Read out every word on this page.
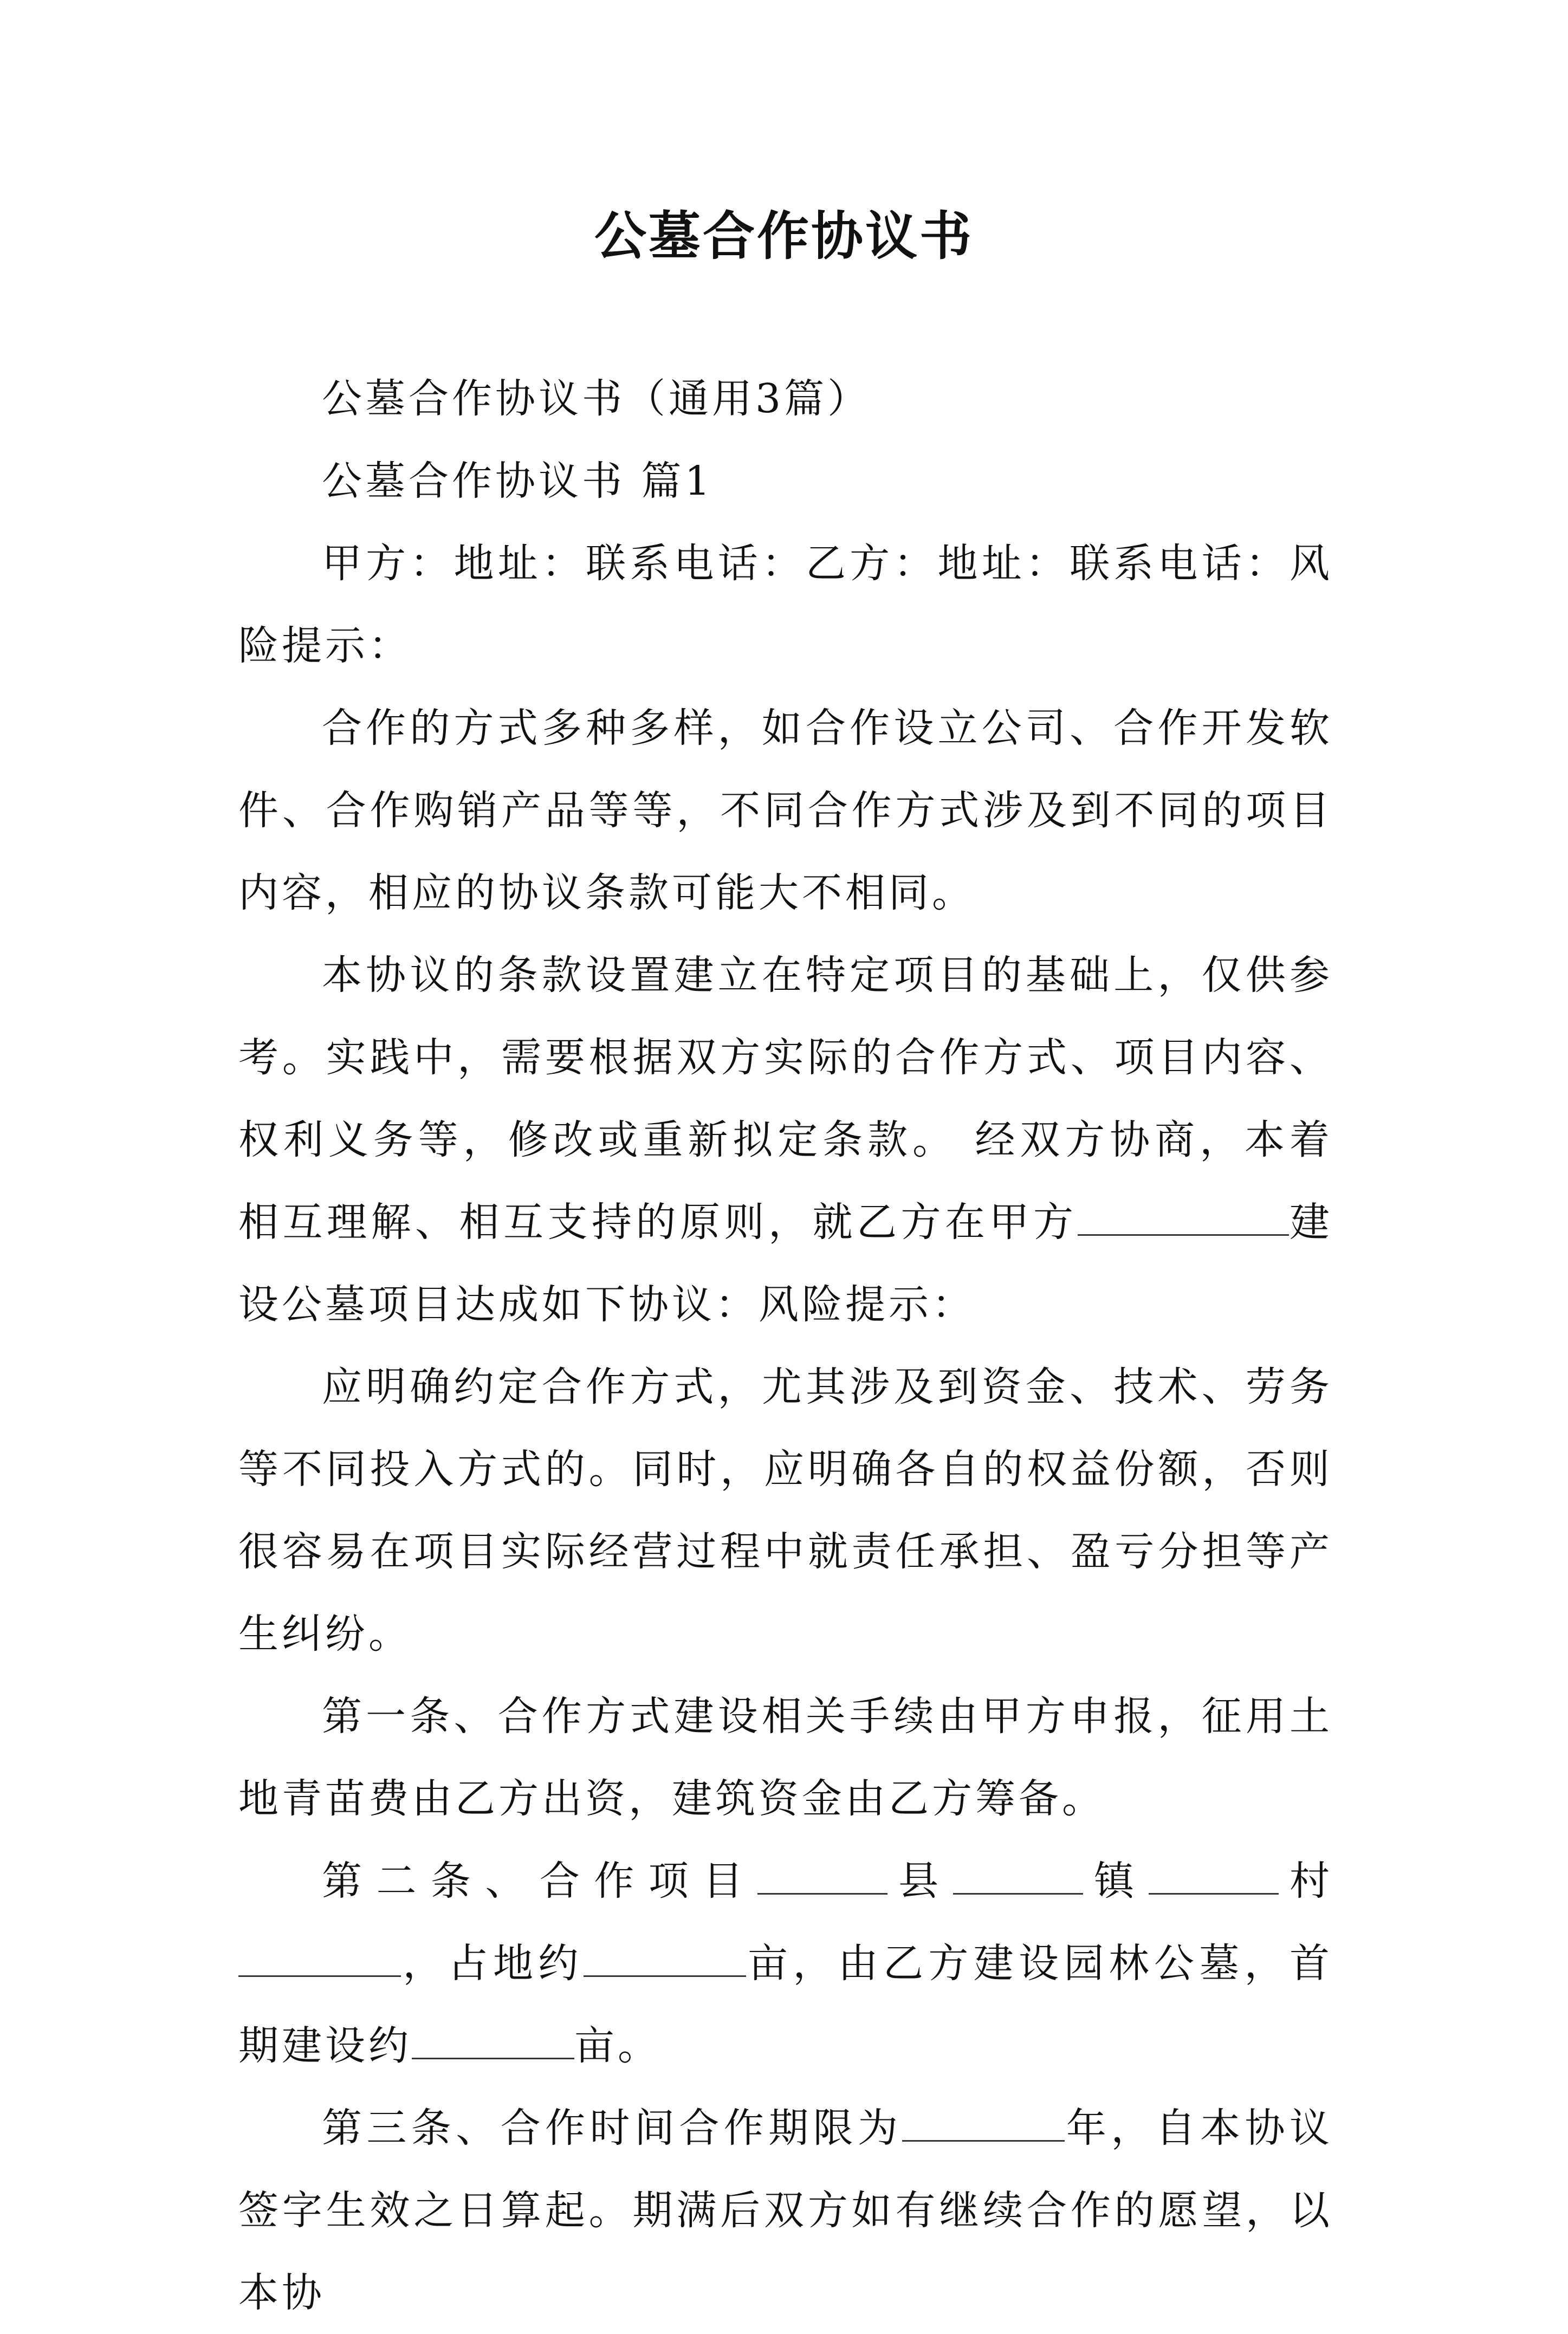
公墓合作协议书

公墓合作协议书（通用3篇）

公墓合作协议书 篇1

甲方：地址：联系电话：乙方：地址：联系电话：风险提示：

合作的方式多种多样，如合作设立公司、合作开发软件、合作购销产品等等，不同合作方式涉及到不同的项目内容，相应的协议条款可能大不相同。

本协议的条款设置建立在特定项目的基础上，仅供参考。实践中，需要根据双方实际的合作方式、项目内容、权利义务等，修改或重新拟定条款。 经双方协商，本着相互理解、相互支持的原则，就乙方在甲方	建设公墓项目达成如下协议：风险提示：

应明确约定合作方式，尤其涉及到资金、技术、劳务等不同投入方式的。同时，应明确各自的权益份额，否则很容易在项目实际经营过程中就责任承担、盈亏分担等产生纠纷。

第一条、合作方式建设相关手续由甲方申报，征用土地青苗费由乙方出资，建筑资金由乙方筹备。

第二条、合作项目	县	镇	村，占地约	亩，由乙方建设园林公墓，首期建设约	亩。

第三条、合作时间合作期限为	年，自本协议签字生效之日算起。期满后双方如有继续合作的愿望，以本协
